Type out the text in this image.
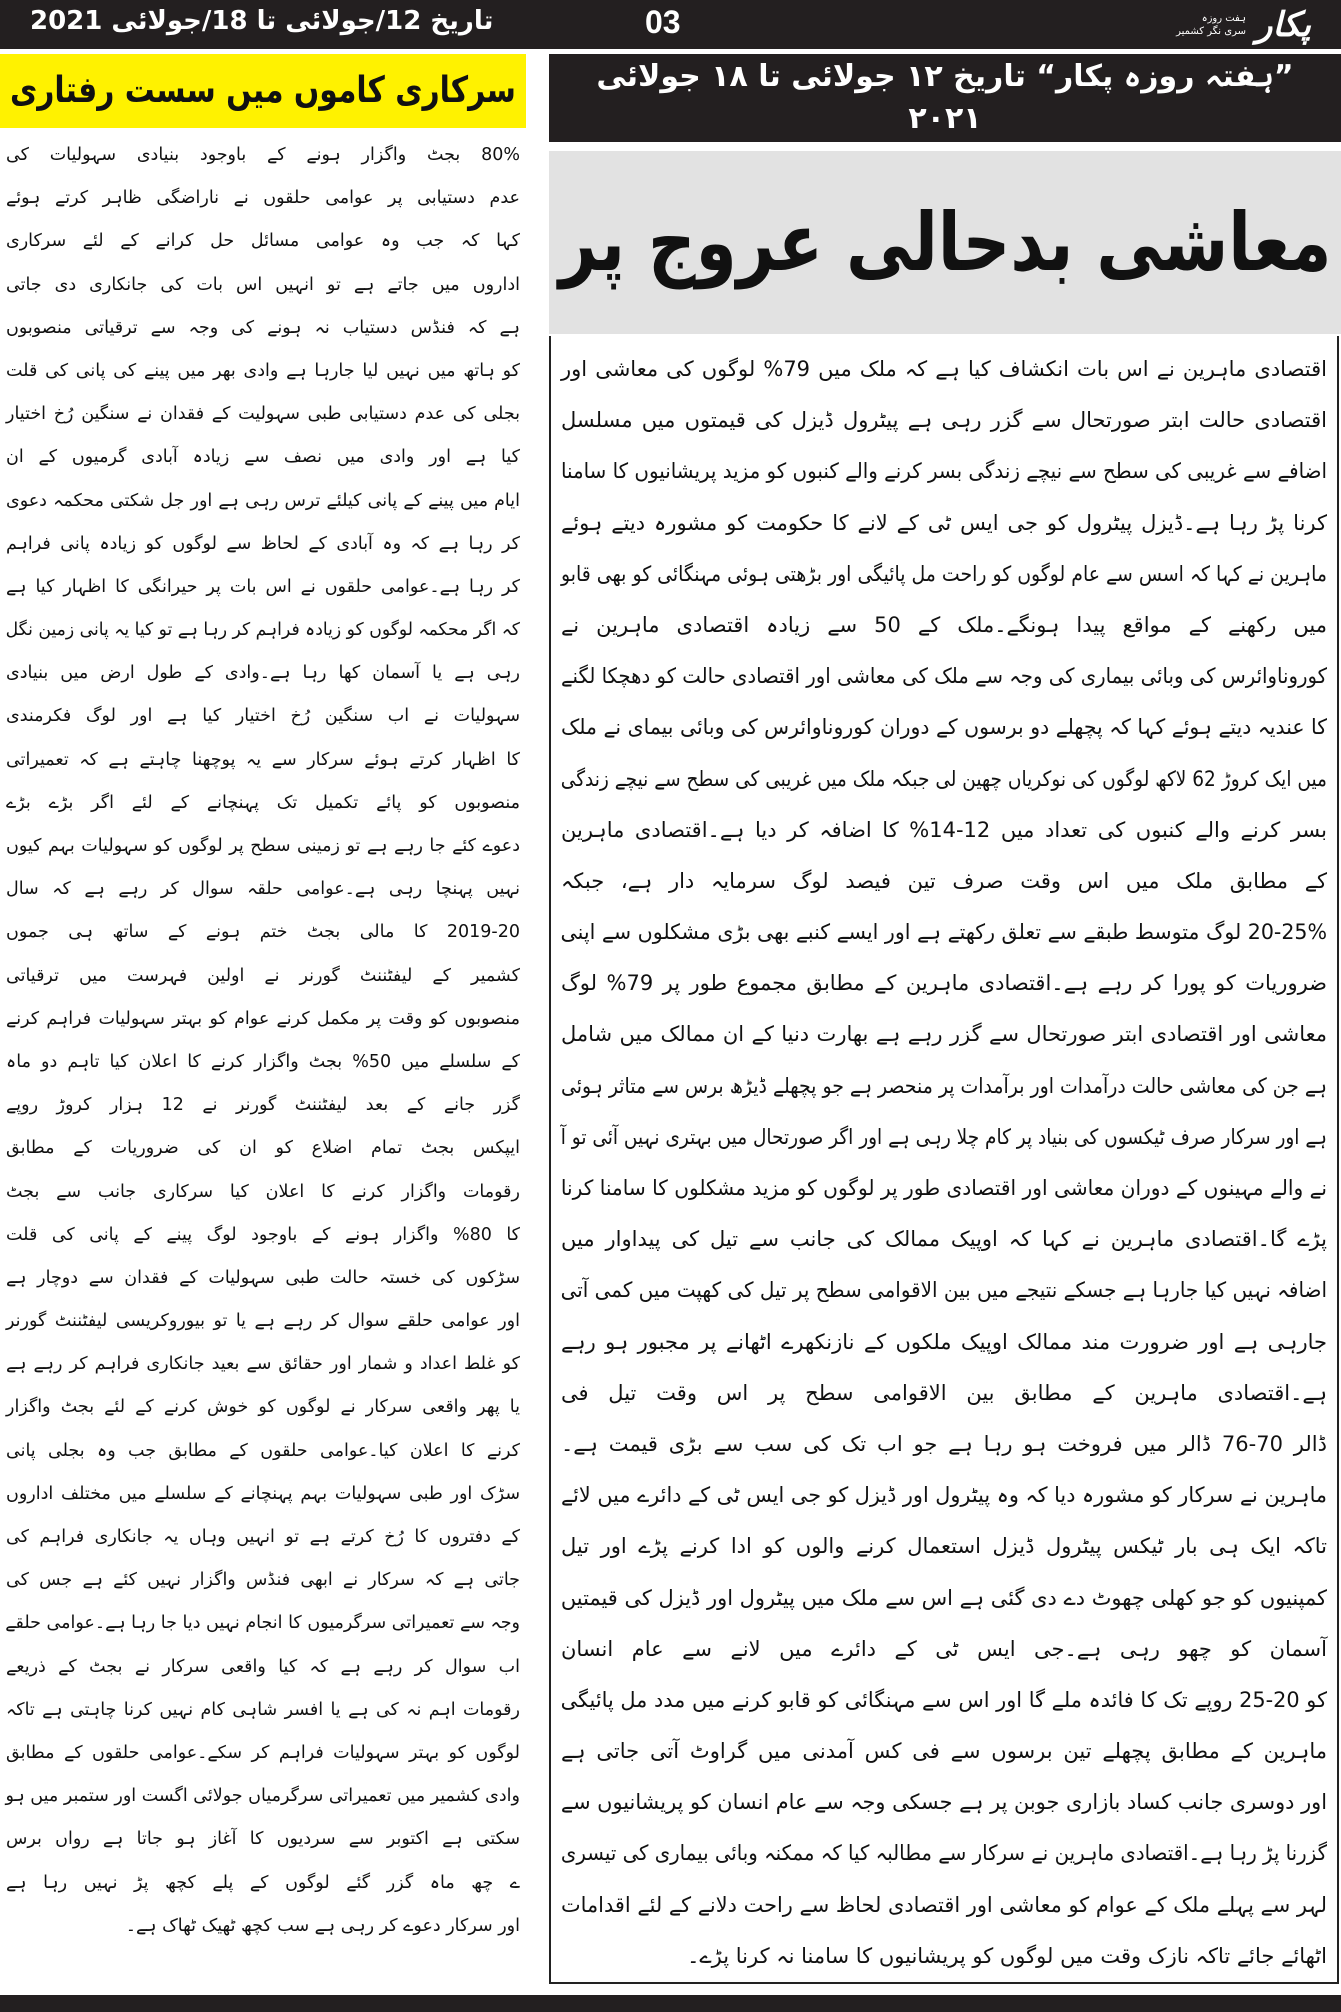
تاریخ 12/جولائی تا 18/جولائی 2021	03	پکار
ہفت روزہ
سری نگر کشمیر
”ہفتہ روزہ پکار“ تاریخ ۱۲ جولائی تا ۱۸ جولائی ۲۰۲۱
معاشی بدحالی عروج پر
اقتصادی ماہرین نے اس بات انکشاف کیا ہے کہ ملک میں 79% لوگوں کی معاشی اور
اقتصادی حالت ابتر صورتحال سے گزر رہی ہے پیٹرول ڈیزل کی قیمتوں میں مسلسل
اضافے سے غریبی کی سطح سے نیچے زندگی بسر کرنے والے کنبوں کو مزید پریشانیوں کا سامنا
کرنا پڑ رہا ہے۔ڈیزل پیٹرول کو جی ایس ٹی کے لانے کا حکومت کو مشورہ دیتے ہوئے
ماہرین نے کہا کہ اسس سے عام لوگوں کو راحت مل پائیگی اور بڑھتی ہوئی مہنگائی کو بھی قابو
میں رکھنے کے مواقع پیدا ہونگے۔ملک کے 50 سے زیادہ اقتصادی ماہرین نے
کوروناوائرس کی وبائی بیماری کی وجہ سے ملک کی معاشی اور اقتصادی حالت کو دھچکا لگنے
کا عندیہ دیتے ہوئے کہا کہ پچھلے دو برسوں کے دوران کوروناوائرس کی وبائی بیمای نے ملک
میں ایک کروڑ 62 لاکھ لوگوں کی نوکریاں چھین لی جبکہ ملک میں غریبی کی سطح سے نیچے زندگی
بسر کرنے والے کنبوں کی تعداد میں 12-14% کا اضافہ کر دیا ہے۔اقتصادی ماہرین
کے مطابق ملک میں اس وقت صرف تین فیصد لوگ سرمایہ دار ہے، جبکہ
20-25% لوگ متوسط طبقے سے تعلق رکھتے ہے اور ایسے کنبے بھی بڑی مشکلوں سے اپنی
ضروریات کو پورا کر رہے ہے۔اقتصادی ماہرین کے مطابق مجموع طور پر 79% لوگ
معاشی اور اقتصادی ابتر صورتحال سے گزر رہے ہے بھارت دنیا کے ان ممالک میں شامل
ہے جن کی معاشی حالت درآمدات اور برآمدات پر منحصر ہے جو پچھلے ڈیڑھ برس سے متاثر ہوئی
ہے اور سرکار صرف ٹیکسوں کی بنیاد پر کام چلا رہی ہے اور اگر صورتحال میں بہتری نہیں آئی تو آ
نے والے مہینوں کے دوران معاشی اور اقتصادی طور پر لوگوں کو مزید مشکلوں کا سامنا کرنا
پڑے گا۔اقتصادی ماہرین نے کہا کہ اوپیک ممالک کی جانب سے تیل کی پیداوار میں
اضافہ نہیں کیا جارہا ہے جسکے نتیجے میں بین الاقوامی سطح پر تیل کی کھپت میں کمی آتی
جارہی ہے اور ضرورت مند ممالک اوپیک ملکوں کے نازنکھرے اٹھانے پر مجبور ہو رہے
ہے۔اقتصادی ماہرین کے مطابق بین الاقوامی سطح پر اس وقت تیل فی
ڈالر 70-76 ڈالر میں فروخت ہو رہا ہے جو اب تک کی سب سے بڑی قیمت ہے۔
ماہرین نے سرکار کو مشورہ دیا کہ وہ پیٹرول اور ڈیزل کو جی ایس ٹی کے دائرے میں لائے
تاکہ ایک ہی بار ٹیکس پیٹرول ڈیزل استعمال کرنے والوں کو ادا کرنے پڑے اور تیل
کمپنیوں کو جو کھلی چھوٹ دے دی گئی ہے اس سے ملک میں پیٹرول اور ڈیزل کی قیمتیں
آسمان کو چھو رہی ہے۔جی ایس ٹی کے دائرے میں لانے سے عام انسان
کو 20-25 روپے تک کا فائدہ ملے گا اور اس سے مہنگائی کو قابو کرنے میں مدد مل پائیگی
ماہرین کے مطابق پچھلے تین برسوں سے فی کس آمدنی میں گراوٹ آتی جاتی ہے
اور دوسری جانب کساد بازاری جوبن پر ہے جسکی وجہ سے عام انسان کو پریشانیوں سے
گزرنا پڑ رہا ہے۔اقتصادی ماہرین نے سرکار سے مطالبہ کیا کہ ممکنہ وبائی بیماری کی تیسری
لہر سے پہلے ملک کے عوام کو معاشی اور اقتصادی لحاظ سے راحت دلانے کے لئے اقدامات
اٹھائے جائے تاکہ نازک وقت میں لوگوں کو پریشانیوں کا سامنا نہ کرنا پڑے۔
سرکاری کاموں میں سست رفتاری
80% بجٹ واگزار ہونے کے باوجود بنیادی سہولیات کی
عدم دستیابی پر عوامی حلقوں نے ناراضگی ظاہر کرتے ہوئے
کہا کہ جب وہ عوامی مسائل حل کرانے کے لئے سرکاری
اداروں میں جاتے ہے تو انہیں اس بات کی جانکاری دی جاتی
ہے کہ فنڈس دستیاب نہ ہونے کی وجہ سے ترقیاتی منصوبوں
کو ہاتھ میں نہیں لیا جارہا ہے وادی بھر میں پینے کی پانی کی قلت
بجلی کی عدم دستیابی طبی سہولیت کے فقدان نے سنگین رُخ اختیار
کیا ہے اور وادی میں نصف سے زیادہ آبادی گرمیوں کے ان
ایام میں پینے کے پانی کیلئے ترس رہی ہے اور جل شکتی محکمہ دعوی
کر رہا ہے کہ وہ آبادی کے لحاظ سے لوگوں کو زیادہ پانی فراہم
کر رہا ہے۔عوامی حلقوں نے اس بات پر حیرانگی کا اظہار کیا ہے
کہ اگر محکمہ لوگوں کو زیادہ فراہم کر رہا ہے تو کیا یہ پانی زمین نگل
رہی ہے یا آسمان کھا رہا ہے۔وادی کے طول ارض میں بنیادی
سہولیات نے اب سنگین رُخ اختیار کیا ہے اور لوگ فکرمندی
کا اظہار کرتے ہوئے سرکار سے یہ پوچھنا چاہتے ہے کہ تعمیراتی
منصوبوں کو پائے تکمیل تک پہنچانے کے لئے اگر بڑے بڑے
دعوے کئے جا رہے ہے تو زمینی سطح پر لوگوں کو سہولیات بہم کیوں
نہیں پہنچا رہی ہے۔عوامی حلقہ سوال کر رہے ہے کہ سال
2019-20 کا مالی بجٹ ختم ہونے کے ساتھ ہی جموں
کشمیر کے لیفٹننٹ گورنر نے اولین فہرست میں ترقیاتی
منصوبوں کو وقت پر مکمل کرنے عوام کو بہتر سہولیات فراہم کرنے
کے سلسلے میں 50% بجٹ واگزار کرنے کا اعلان کیا تاہم دو ماہ
گزر جانے کے بعد لیفٹننٹ گورنر نے 12 ہزار کروڑ روپے
ایپکس بجٹ تمام اضلاع کو ان کی ضروریات کے مطابق
رقومات واگزار کرنے کا اعلان کیا سرکاری جانب سے بجٹ
کا 80% واگزار ہونے کے باوجود لوگ پینے کے پانی کی قلت
سڑکوں کی خستہ حالت طبی سہولیات کے فقدان سے دوچار ہے
اور عوامی حلقے سوال کر رہے ہے یا تو بیوروکریسی لیفٹننٹ گورنر
کو غلط اعداد و شمار اور حقائق سے بعید جانکاری فراہم کر رہے ہے
یا پھر واقعی سرکار نے لوگوں کو خوش کرنے کے لئے بجٹ واگزار
کرنے کا اعلان کیا۔عوامی حلقوں کے مطابق جب وہ بجلی پانی
سڑک اور طبی سہولیات بہم پہنچانے کے سلسلے میں مختلف اداروں
کے دفتروں کا رُخ کرتے ہے تو انہیں وہاں یہ جانکاری فراہم کی
جاتی ہے کہ سرکار نے ابھی فنڈس واگزار نہیں کئے ہے جس کی
وجہ سے تعمیراتی سرگرمیوں کا انجام نہیں دیا جا رہا ہے۔عوامی حلقے
اب سوال کر رہے ہے کہ کیا واقعی سرکار نے بجٹ کے ذریعے
رقومات اہم نہ کی ہے یا افسر شاہی کام نہیں کرنا چاہتی ہے تاکہ
لوگوں کو بہتر سہولیات فراہم کر سکے۔عوامی حلقوں کے مطابق
وادی کشمیر میں تعمیراتی سرگرمیاں جولائی اگست اور ستمبر میں ہو
سکتی ہے اکتوبر سے سردیوں کا آغاز ہو جاتا ہے رواں برس
ے چھ ماہ گزر گئے لوگوں کے پلے کچھ پڑ نہیں رہا ہے
اور سرکار دعوے کر رہی ہے سب کچھ ٹھیک ٹھاک ہے۔
